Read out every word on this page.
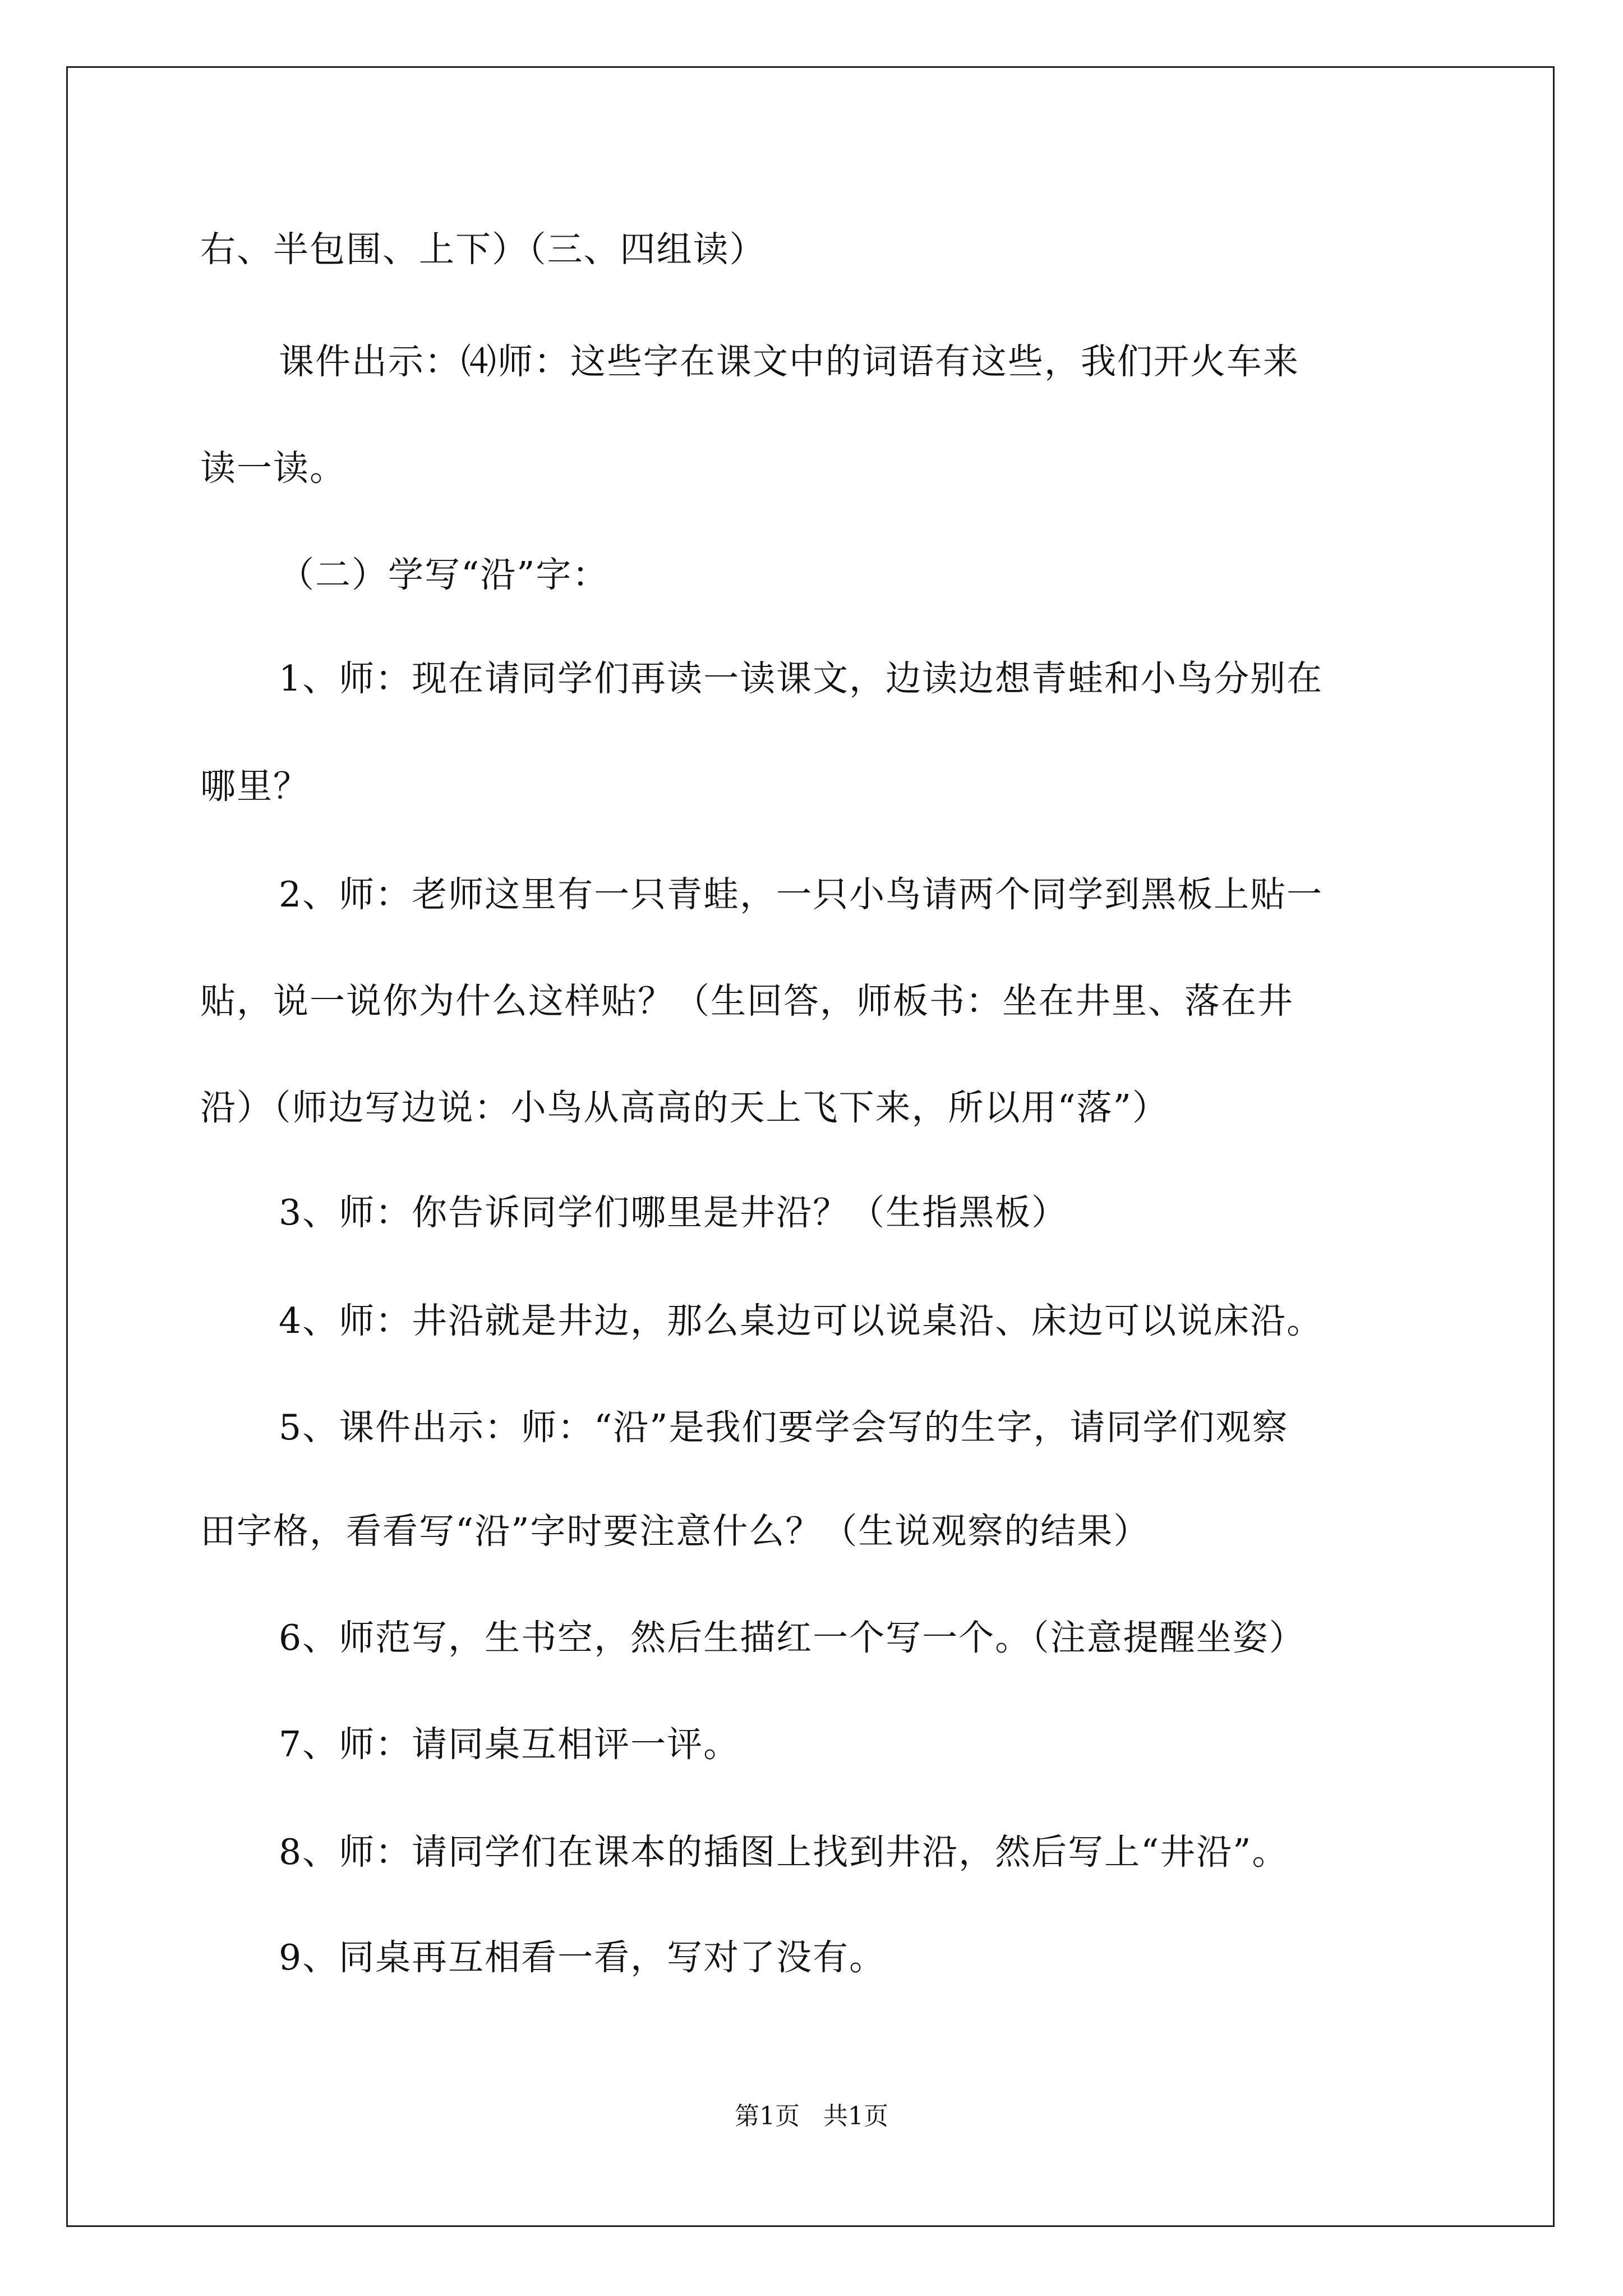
右、半包围、上下）（三、四组读）
课件出示：⑷师：这些字在课文中的词语有这些，我们开火车来
读一读。
（二）学写“沿”字：
1、师：现在请同学们再读一读课文，边读边想青蛙和小鸟分别在
哪里？
2、师：老师这里有一只青蛙，一只小鸟请两个同学到黑板上贴一
贴，说一说你为什么这样贴？（生回答，师板书：坐在井里、落在井
沿）（师边写边说：小鸟从高高的天上飞下来，所以用“落”）
3、师：你告诉同学们哪里是井沿？（生指黑板）
4、师：井沿就是井边，那么桌边可以说桌沿、床边可以说床沿。
5、课件出示：师：“沿”是我们要学会写的生字，请同学们观察
田字格，看看写“沿”字时要注意什么？（生说观察的结果）
6、师范写，生书空，然后生描红一个写一个。（注意提醒坐姿）
7、师：请同桌互相评一评。
8、师：请同学们在课本的插图上找到井沿，然后写上“井沿”。
9、同桌再互相看一看，写对了没有。
第1页   共1页
